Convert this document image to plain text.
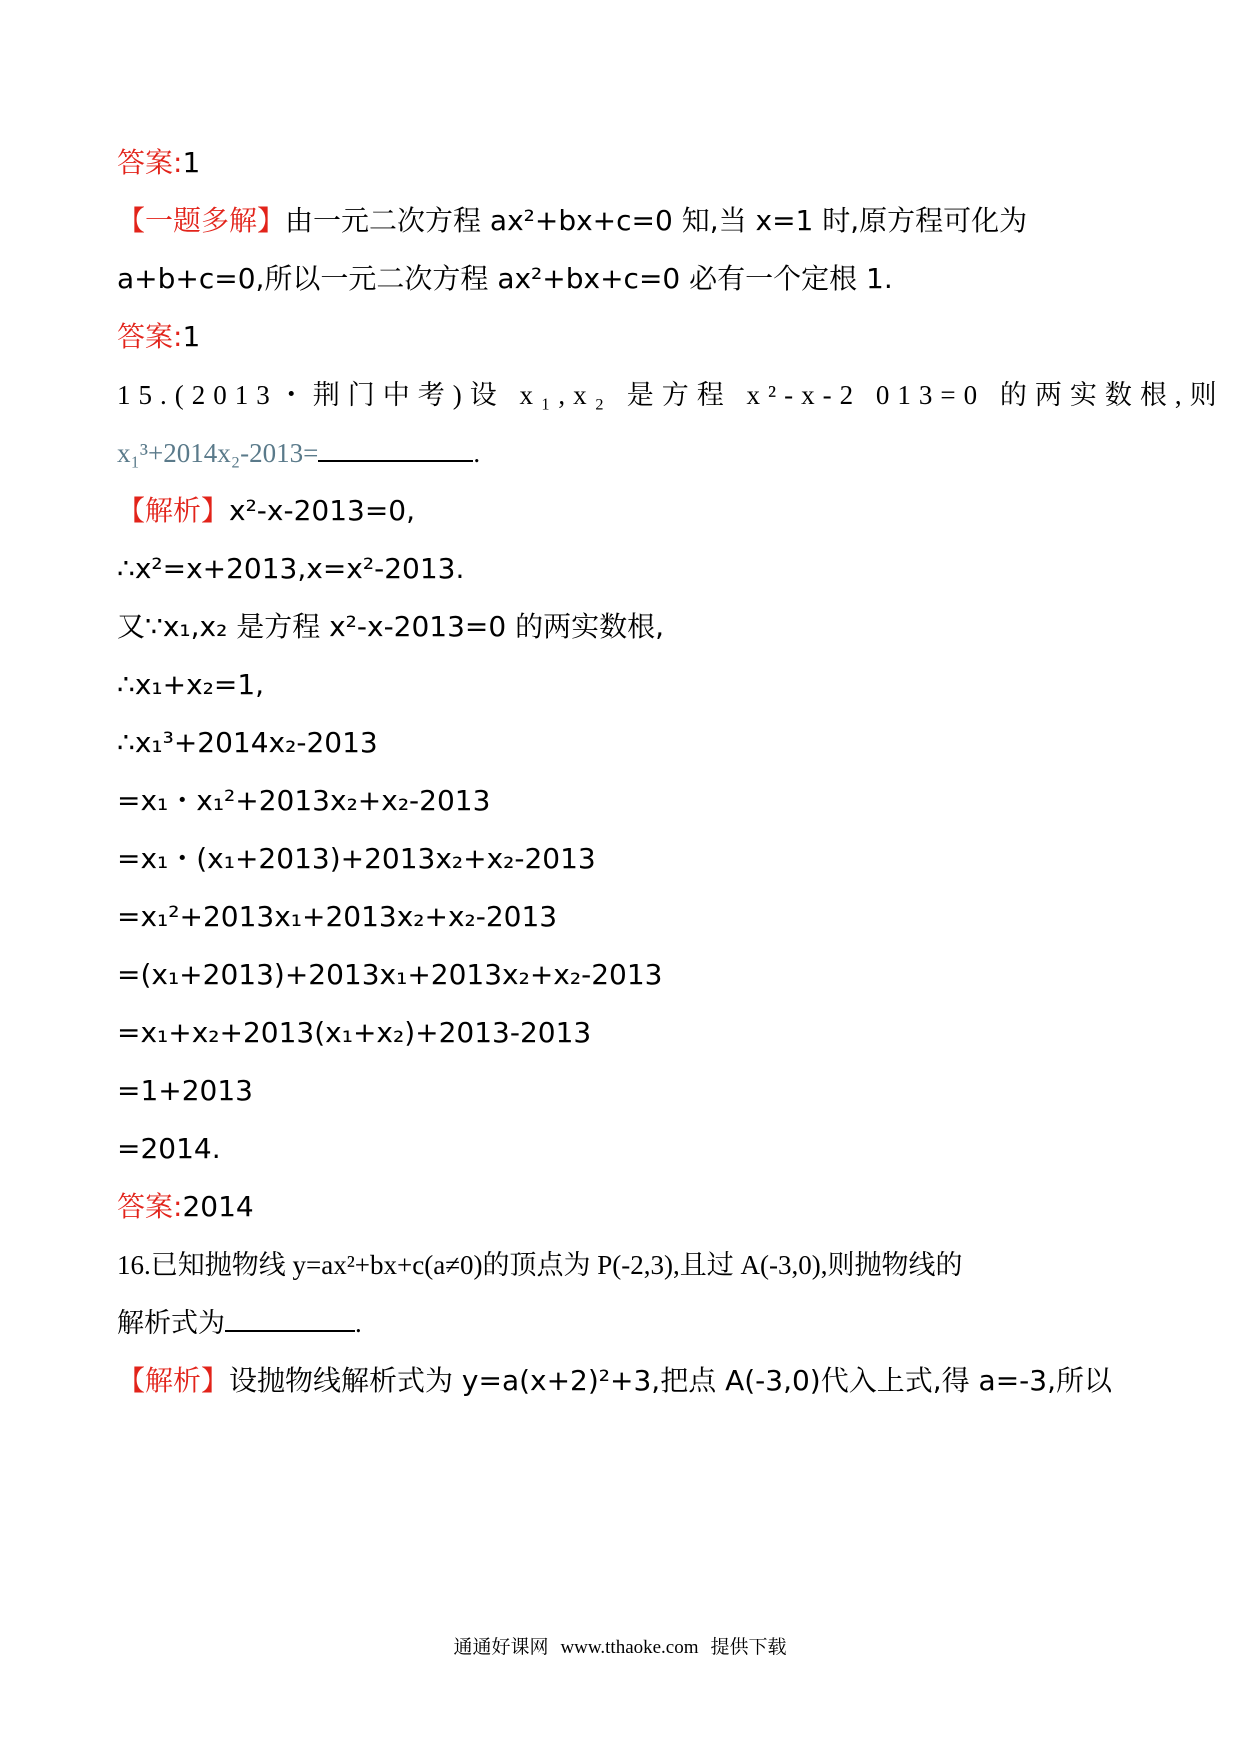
答案:1
【一题多解】由一元二次方程 ax²+bx+c=0 知,当 x=1 时,原方程可化为
a+b+c=0,所以一元二次方程 ax²+bx+c=0 必有一个定根 1.
答案:1
15.(2013・荆门中考)设 x₁,x₂ 是方程 x²-x-2 013=0 的两实数根,则
x₁³+2014x₂-2013=	.
【解析】x²-x-2013=0,
∴x²=x+2013,x=x²-2013.
又∵x₁,x₂ 是方程 x²-x-2013=0 的两实数根,
∴x₁+x₂=1,
∴x₁³+2014x₂-2013
=x₁・x₁²+2013x₂+x₂-2013
=x₁・(x₁+2013)+2013x₂+x₂-2013
=x₁²+2013x₁+2013x₂+x₂-2013
=(x₁+2013)+2013x₁+2013x₂+x₂-2013
=x₁+x₂+2013(x₁+x₂)+2013-2013
=1+2013
=2014.
答案:2014
16.已知抛物线 y=ax²+bx+c(a≠0)的顶点为 P(-2,3),且过 A(-3,0),则抛物线的
解析式为	.
【解析】设抛物线解析式为 y=a(x+2)²+3,把点 A(-3,0)代入上式,得 a=-3,所以
通通好课网 www.tthaoke.com 提供下载
